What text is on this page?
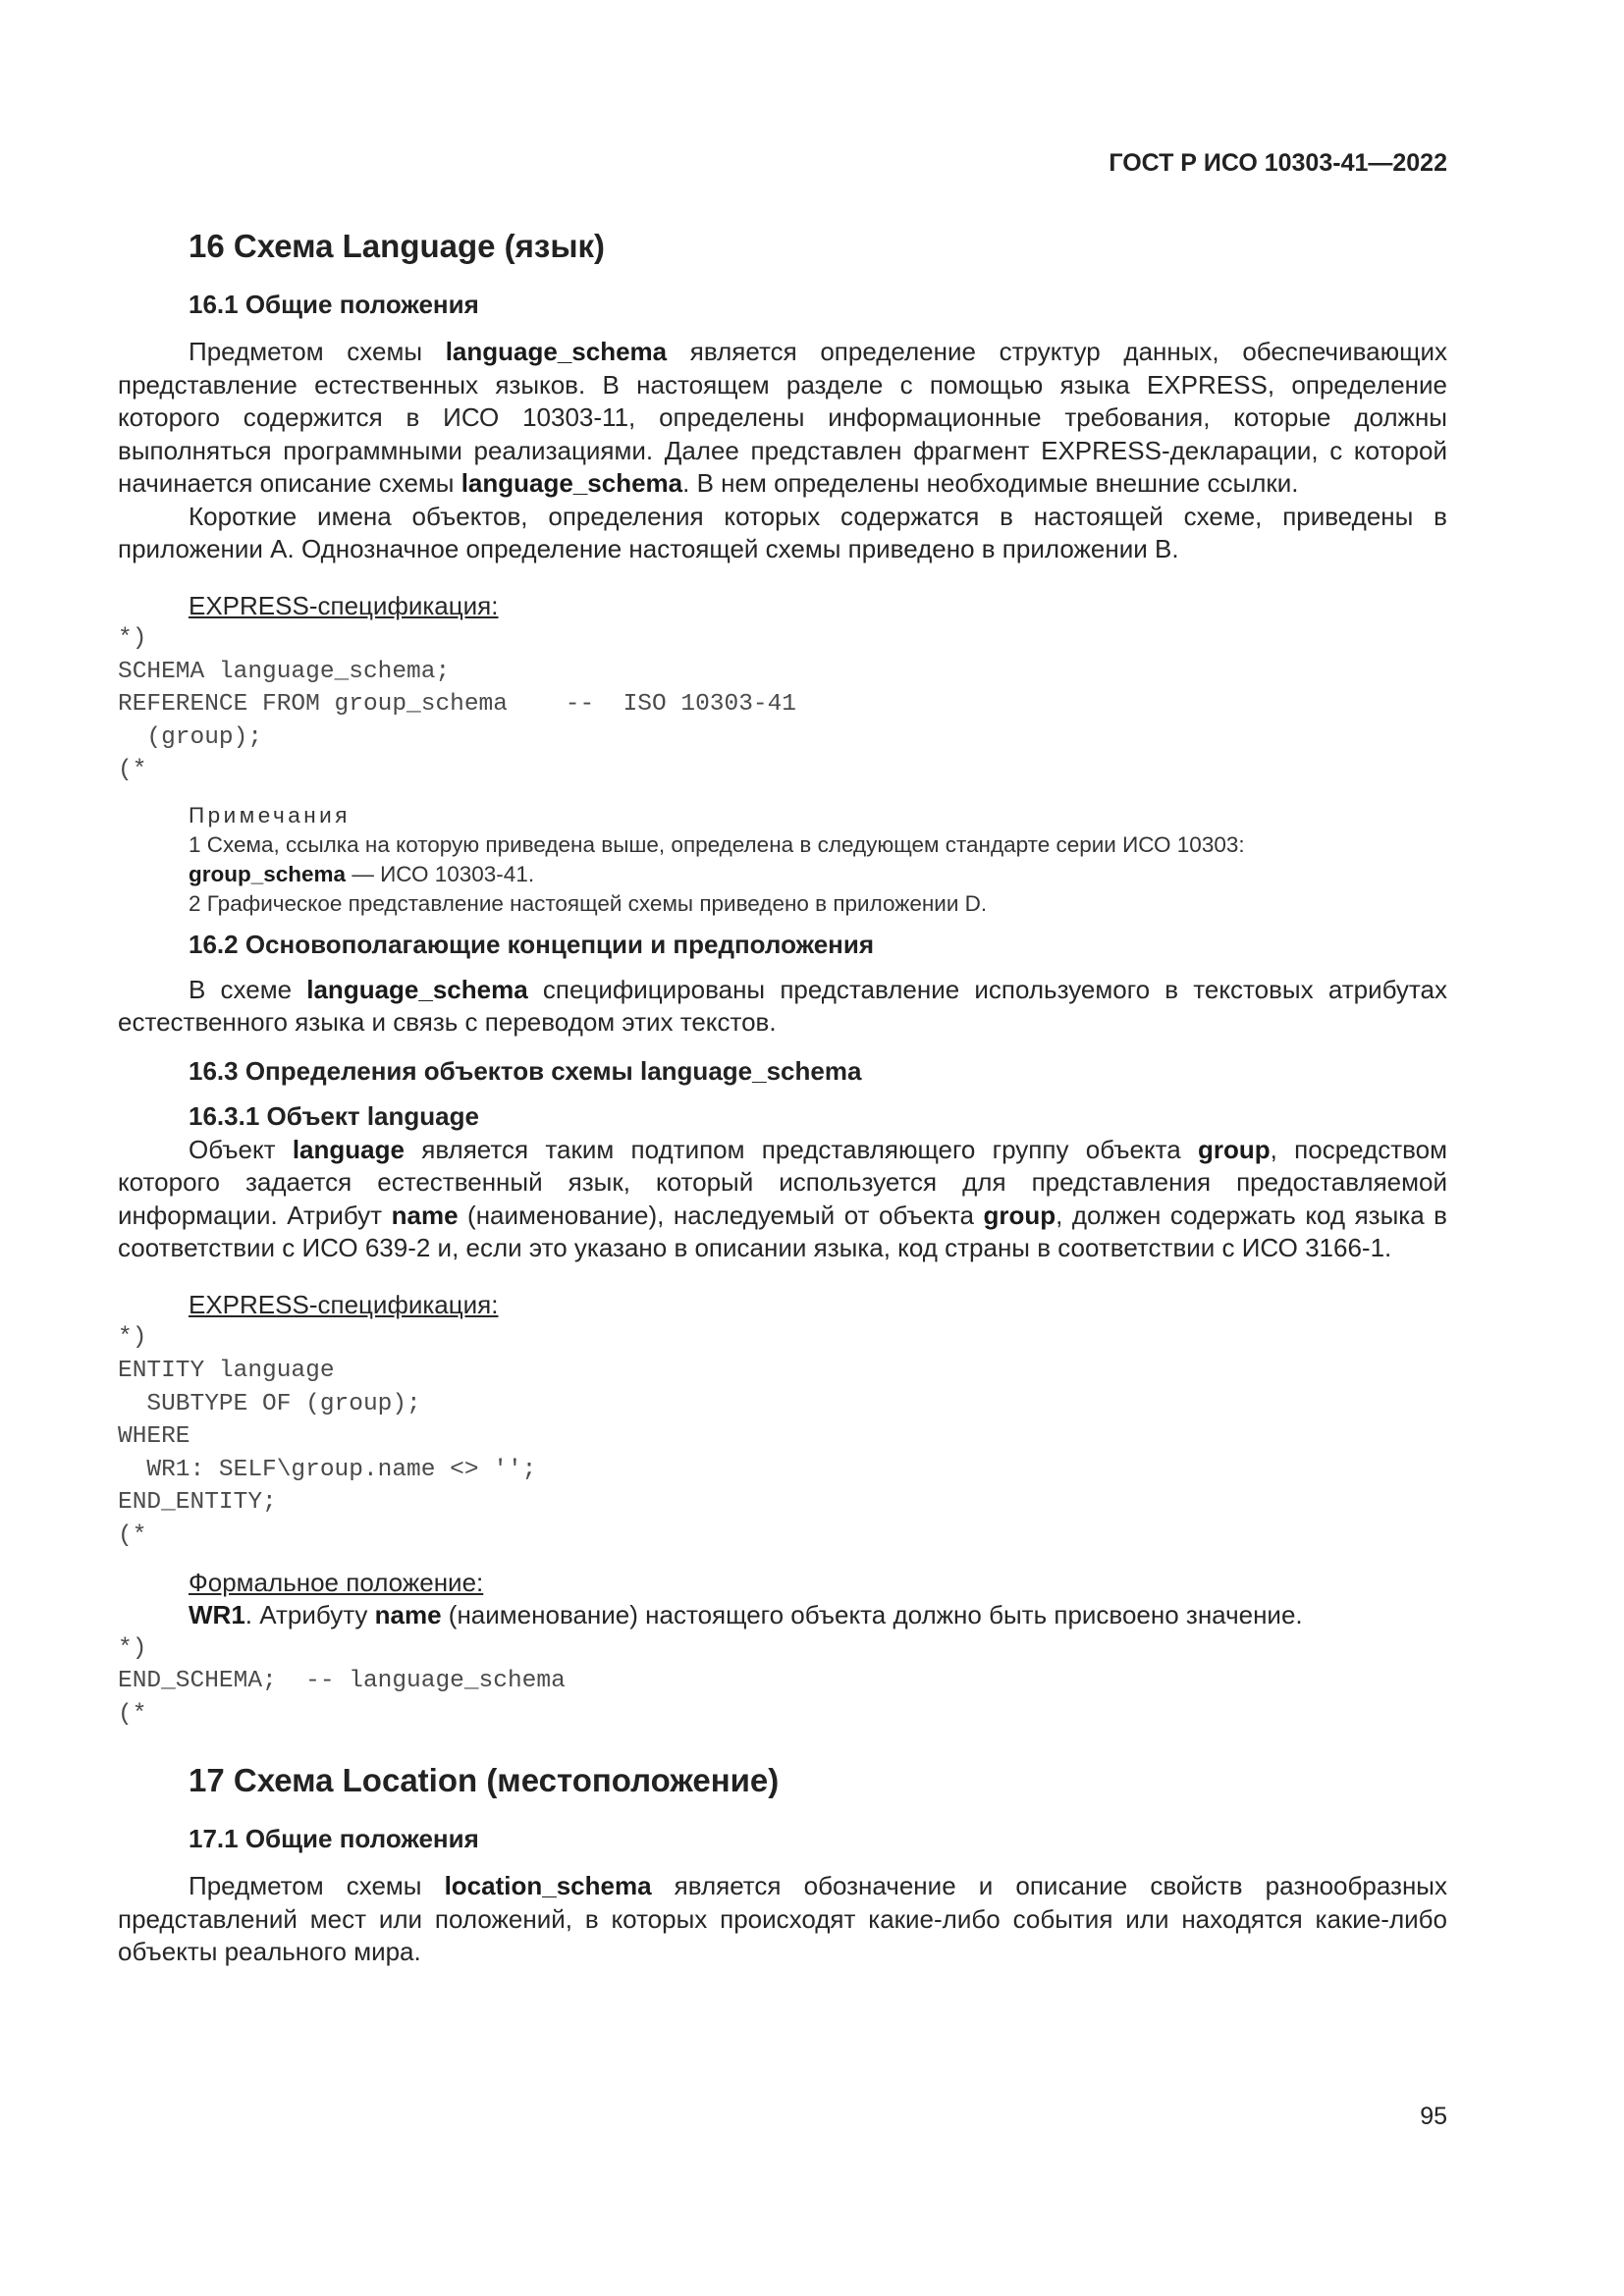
ГОСТ Р ИСО 10303-41—2022
16 Схема Language (язык)
16.1 Общие положения

Предметом схемы language_schema является определение структур данных, обеспечивающих представление естественных языков. В настоящем разделе с помощью языка EXPRESS, определение которого содержится в ИСО 10303-11, определены информационные требования, которые должны выполняться программными реализациями. Далее представлен фрагмент EXPRESS-декларации, с которой начинается описание схемы language_schema. В нем определены необходимые внешние ссылки.

Короткие имена объектов, определения которых содержатся в настоящей схеме, приведены в приложении А. Однозначное определение настоящей схемы приведено в приложении В.

EXPRESS-спецификация:

*)
SCHEMA language_schema;
REFERENCE FROM group_schema    --  ISO 10303-41
(group);
(*

Примечания

1 Схема, ссылка на которую приведена выше, определена в следующем стандарте серии ИСО 10303:

group_schema — ИСО 10303-41.

2 Графическое представление настоящей схемы приведено в приложении D.

16.2 Основополагающие концепции и предположения

В схеме language_schema специфицированы представление используемого в текстовых атрибутах естественного языка и связь с переводом этих текстов.

16.3 Определения объектов схемы language_schema
16.3.1 Объект language

Объект language является таким подтипом представляющего группу объекта group, посредством которого задается естественный язык, который используется для представления предоставляемой информации. Атрибут name (наименование), наследуемый от объекта group, должен содержать код языка в соответствии с ИСО 639-2 и, если это указано в описании языка, код страны в соответствии с ИСО 3166-1.

EXPRESS-спецификация:

*)
ENTITY language
SUBTYPE OF (group);
WHERE
WR1: SELF\group.name <> '';
END_ENTITY;
(*

Формальное положение:

WR1. Атрибуту name (наименование) настоящего объекта должно быть присвоено значение.

*)
END_SCHEMA;  -- language_schema
(*
17 Схема Location (местоположение)
17.1 Общие положения

Предметом схемы location_schema является обозначение и описание свойств разнообразных представлений мест или положений, в которых происходят какие-либо события или находятся какие-либо объекты реального мира.

95
